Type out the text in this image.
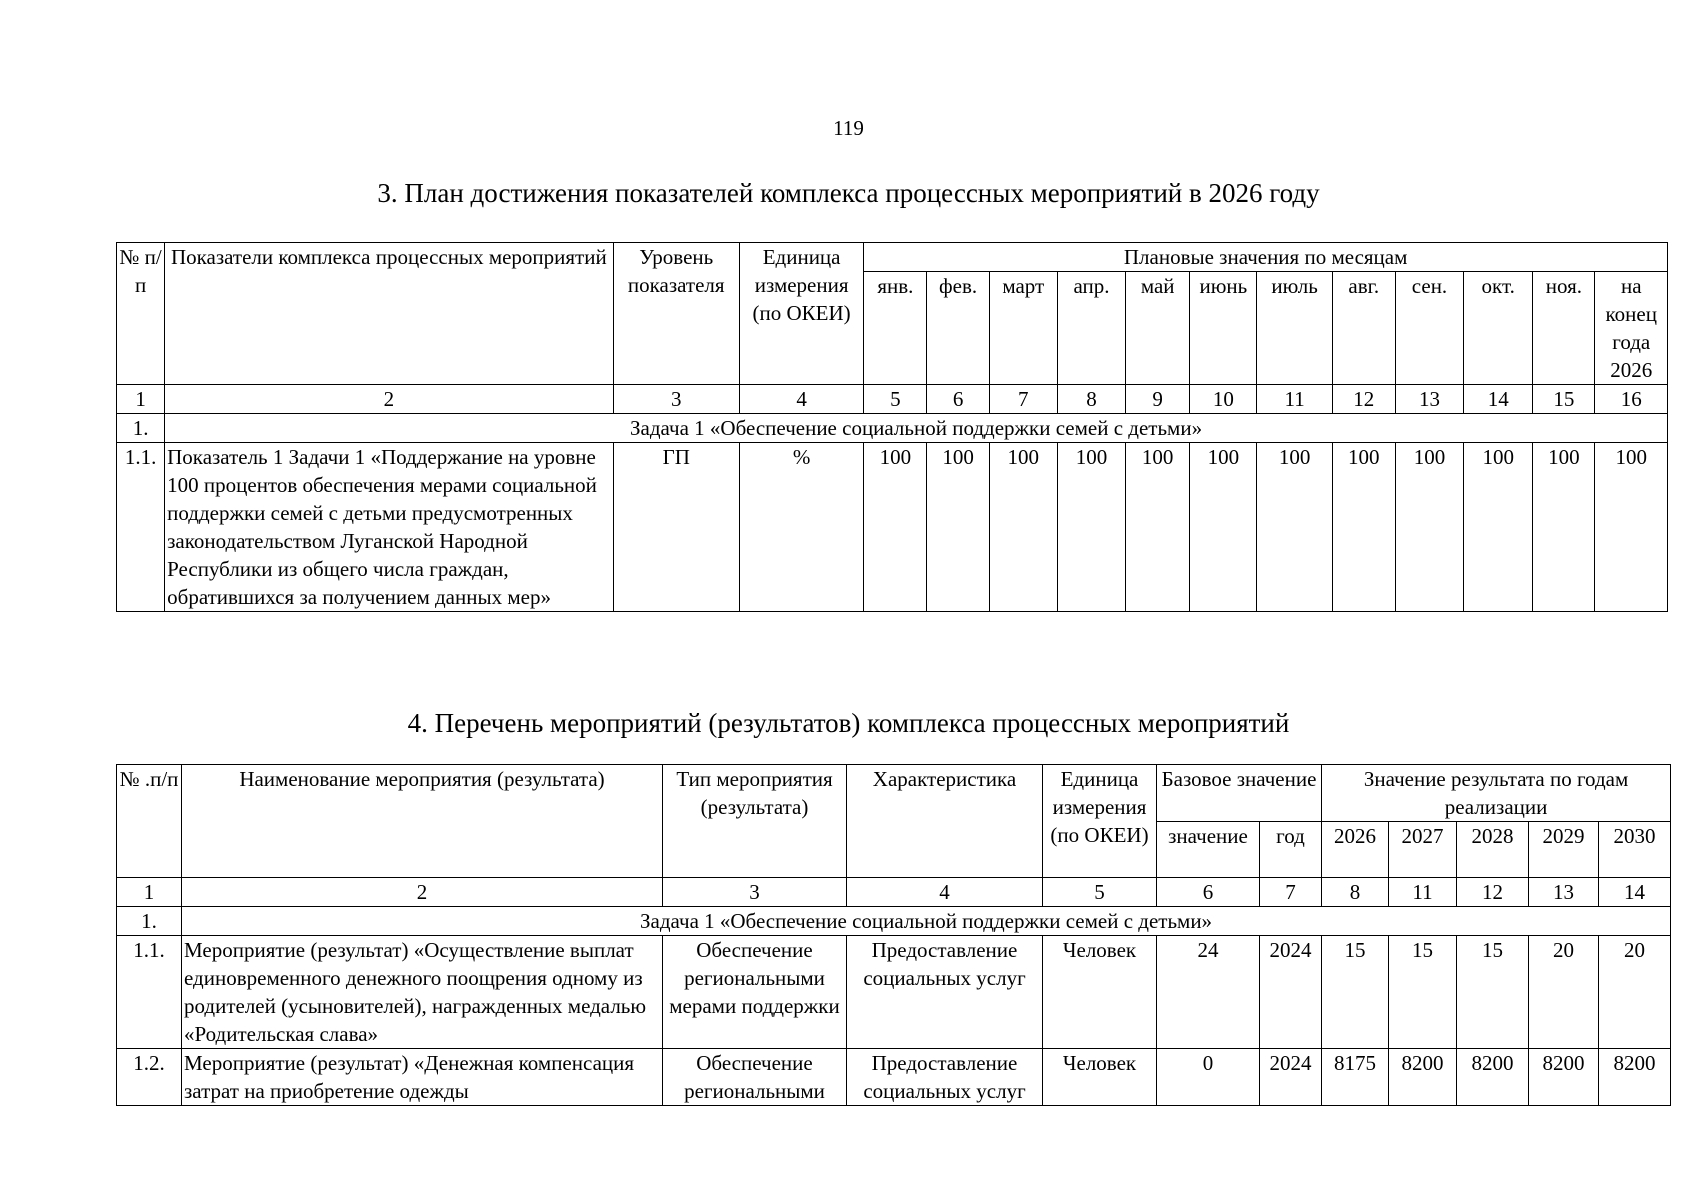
119
3. План достижения показателей комплекса процессных мероприятий в 2026 году
№ п/п	Показатели комплекса процессных мероприятий	Уровень показателя	Единица измерения (по ОКЕИ)	Плановые значения по месяцам											
				янв.	фев.	март	апр.	май	июнь	июль	авг.	сен.	окт.	ноя.	на конец года 2026
1	2	3	4	5	6	7	8	9	10	11	12	13	14	15	16
1.	Задача 1 «Обеспечение социальной поддержки семей с детьми»														
1.1.	Показатель 1 Задачи 1 «Поддержание на уровне 100 процентов обеспечения мерами социальной поддержки семей с детьми предусмотренных законодательством Луганской Народной Республики из общего числа граждан, обратившихся за получением данных мер»	ГП	%	100	100	100	100	100	100	100	100	100	100	100	100
4. Перечень мероприятий (результатов) комплекса процессных мероприятий
№ .п/п	Наименование мероприятия (результата)	Тип мероприятия (результата)	Характеристика	Единица измерения (по ОКЕИ)	Базовое значение		Значение результата по годам реализации				
					значение	год	2026	2027	2028	2029	2030
1	2	3	4	5	6	7	8	11	12	13	14
1.	Задача 1 «Обеспечение социальной поддержки семей с детьми»										
1.1.	Мероприятие (результат) «Осуществление выплат единовременного денежного поощрения одному из родителей (усыновителей), награжденных медалью «Родительская слава»	Обеспечение региональными мерами поддержки	Предоставление социальных услуг	Человек	24	2024	15	15	15	20	20
1.2.	Мероприятие (результат) «Денежная компенсация затрат на приобретение одежды	Обеспечение региональными	Предоставление социальных услуг	Человек	0	2024	8175	8200	8200	8200	8200
